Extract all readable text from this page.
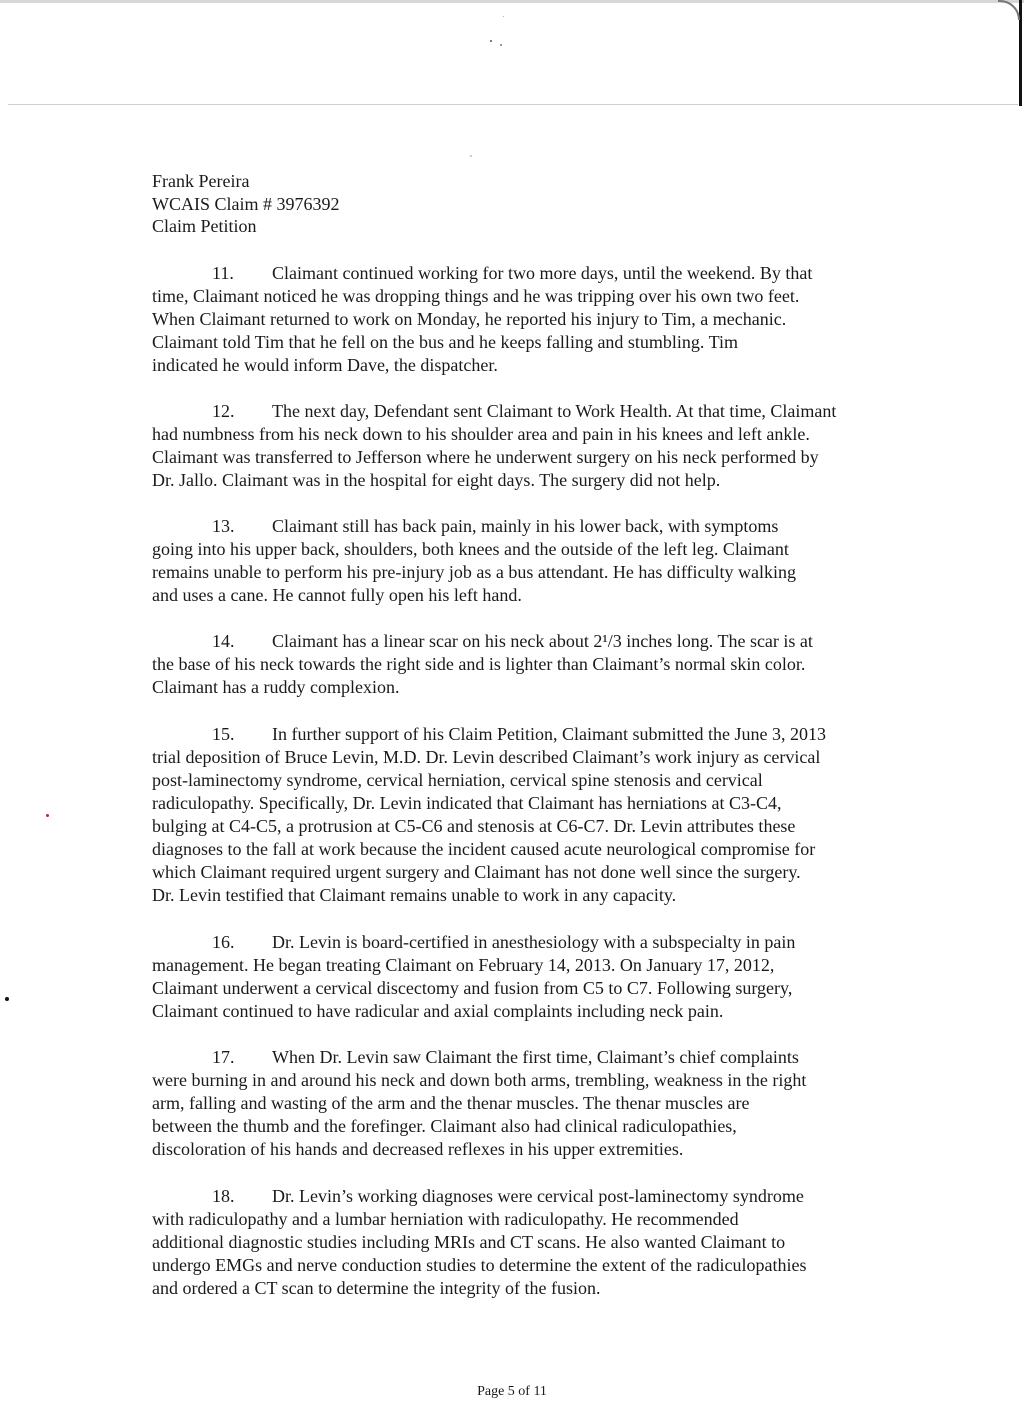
Frank Pereira
WCAIS Claim # 3976392
Claim Petition
11. Claimant continued working for two more days, until the weekend. By that
time, Claimant noticed he was dropping things and he was tripping over his own two feet.
When Claimant returned to work on Monday, he reported his injury to Tim, a mechanic.
Claimant told Tim that he fell on the bus and he keeps falling and stumbling. Tim
indicated he would inform Dave, the dispatcher.
12. The next day, Defendant sent Claimant to Work Health. At that time, Claimant
had numbness from his neck down to his shoulder area and pain in his knees and left ankle.
Claimant was transferred to Jefferson where he underwent surgery on his neck performed by
Dr. Jallo. Claimant was in the hospital for eight days. The surgery did not help.
13. Claimant still has back pain, mainly in his lower back, with symptoms
going into his upper back, shoulders, both knees and the outside of the left leg. Claimant
remains unable to perform his pre-injury job as a bus attendant. He has difficulty walking
and uses a cane. He cannot fully open his left hand.
14. Claimant has a linear scar on his neck about 2¹/3 inches long. The scar is at
the base of his neck towards the right side and is lighter than Claimant’s normal skin color.
Claimant has a ruddy complexion.
15. In further support of his Claim Petition, Claimant submitted the June 3, 2013
trial deposition of Bruce Levin, M.D. Dr. Levin described Claimant’s work injury as cervical
post-laminectomy syndrome, cervical herniation, cervical spine stenosis and cervical
radiculopathy. Specifically, Dr. Levin indicated that Claimant has herniations at C3-C4,
bulging at C4-C5, a protrusion at C5-C6 and stenosis at C6-C7. Dr. Levin attributes these
diagnoses to the fall at work because the incident caused acute neurological compromise for
which Claimant required urgent surgery and Claimant has not done well since the surgery.
Dr. Levin testified that Claimant remains unable to work in any capacity.
16. Dr. Levin is board-certified in anesthesiology with a subspecialty in pain
management. He began treating Claimant on February 14, 2013. On January 17, 2012,
Claimant underwent a cervical discectomy and fusion from C5 to C7. Following surgery,
Claimant continued to have radicular and axial complaints including neck pain.
17. When Dr. Levin saw Claimant the first time, Claimant’s chief complaints
were burning in and around his neck and down both arms, trembling, weakness in the right
arm, falling and wasting of the arm and the thenar muscles. The thenar muscles are
between the thumb and the forefinger. Claimant also had clinical radiculopathies,
discoloration of his hands and decreased reflexes in his upper extremities.
18. Dr. Levin’s working diagnoses were cervical post-laminectomy syndrome
with radiculopathy and a lumbar herniation with radiculopathy. He recommended
additional diagnostic studies including MRIs and CT scans. He also wanted Claimant to
undergo EMGs and nerve conduction studies to determine the extent of the radiculopathies
and ordered a CT scan to determine the integrity of the fusion.
Page 5 of 11
